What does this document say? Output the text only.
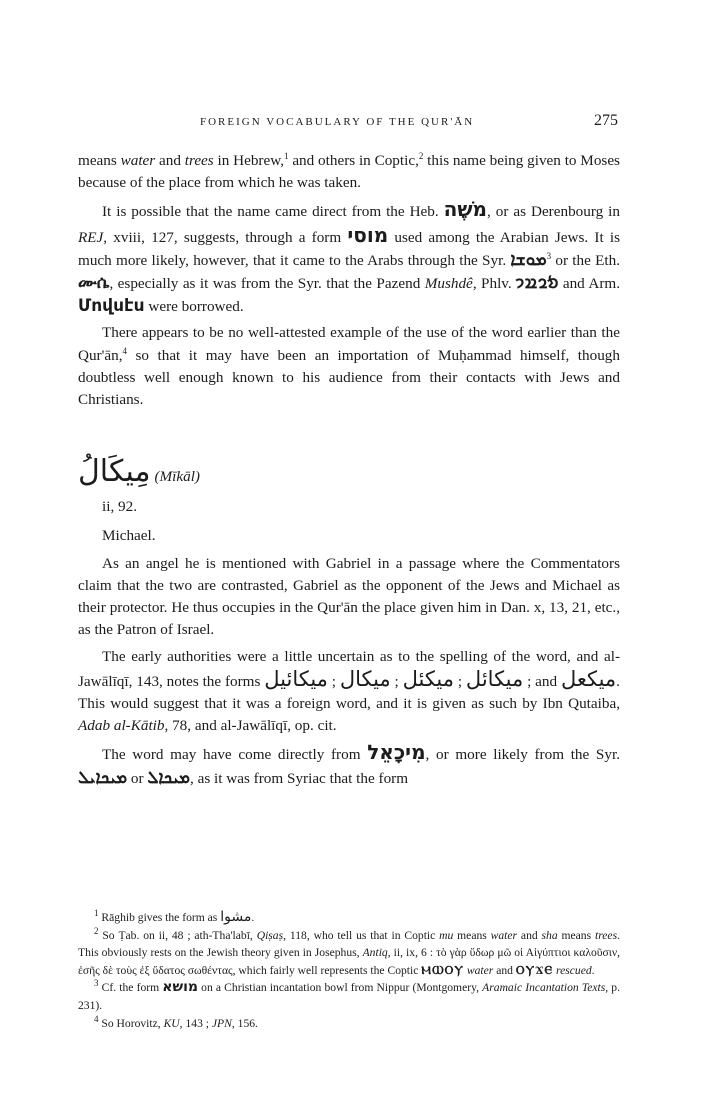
FOREIGN VOCABULARY OF THE QUR'ĀN	275

means water and trees in Hebrew,$^1$ and others in Coptic,$^2$ this name being given to Moses because of the place from which he was taken.

It is possible that the name came direct from the Heb. מֹשֶׁה, or as Derenbourg in REJ, xviii, 127, suggests, through a form מוסי used among the Arabian Jews. It is much more likely, however, that it came to the Arabs through the Syr. ܡܘܫܐ$^3$ or the Eth. ሙሴ, especially as it was from the Syr. that the Pazend Mushdê, Phlv. 𐭬𐭥𐭱𐭩 and Arm. Մովսէս were borrowed.

There appears to be no well-attested example of the use of the word earlier than the Qur'ān,$^4$ so that it may have been an importation of Muḥammad himself, though doubtless well enough known to his audience from their contacts with Jews and Christians.

مِيكَالُ (Mīkāl)
ii, 92.
Michael.

As an angel he is mentioned with Gabriel in a passage where the Commentators claim that the two are contrasted, Gabriel as the opponent of the Jews and Michael as their protector. He thus occupies in the Qur'ān the place given him in Dan. x, 13, 21, etc., as the Patron of Israel.

The early authorities were a little uncertain as to the spelling of the word, and al-Jawālīqī, 143, notes the forms ميكائيل ; ميكال ; ميكئل ; ميكائل ; and ميكعل. This would suggest that it was a foreign word, and it is given as such by Ibn Qutaiba, Adab al-Kātib, 78, and al-Jawālīqī, op. cit.

The word may have come directly from מִיכָאֵל, or more likely from the Syr. ܡܝܟܐܝܠ or ܡܝܟܐܠ, as it was from Syriac that the form

$^1$ Rāghib gives the form as مشوا.

$^2$ So Ṭab. on ii, 48 ; ath-Tha'labī, Qiṣaṣ, 118, who tell us that in Coptic mu means water and sha means trees. This obviously rests on the Jewish theory given in Josephus, Antiq, ii, ix, 6 : τὸ γὰρ ὕδωρ μῶ οἱ Αἰγύπτιοι καλοῦσιν, ἐσῆς δὲ τοὺς ἐξ ὕδατος σωθέντας, which fairly well represents the Coptic ⲘⲰⲞⲨ water and ⲞⲨϪⲈ rescued.

$^3$ Cf. the form מושא on a Christian incantation bowl from Nippur (Montgomery, Aramaic Incantation Texts, p. 231).

$^4$ So Horovitz, KU, 143 ; JPN, 156.
